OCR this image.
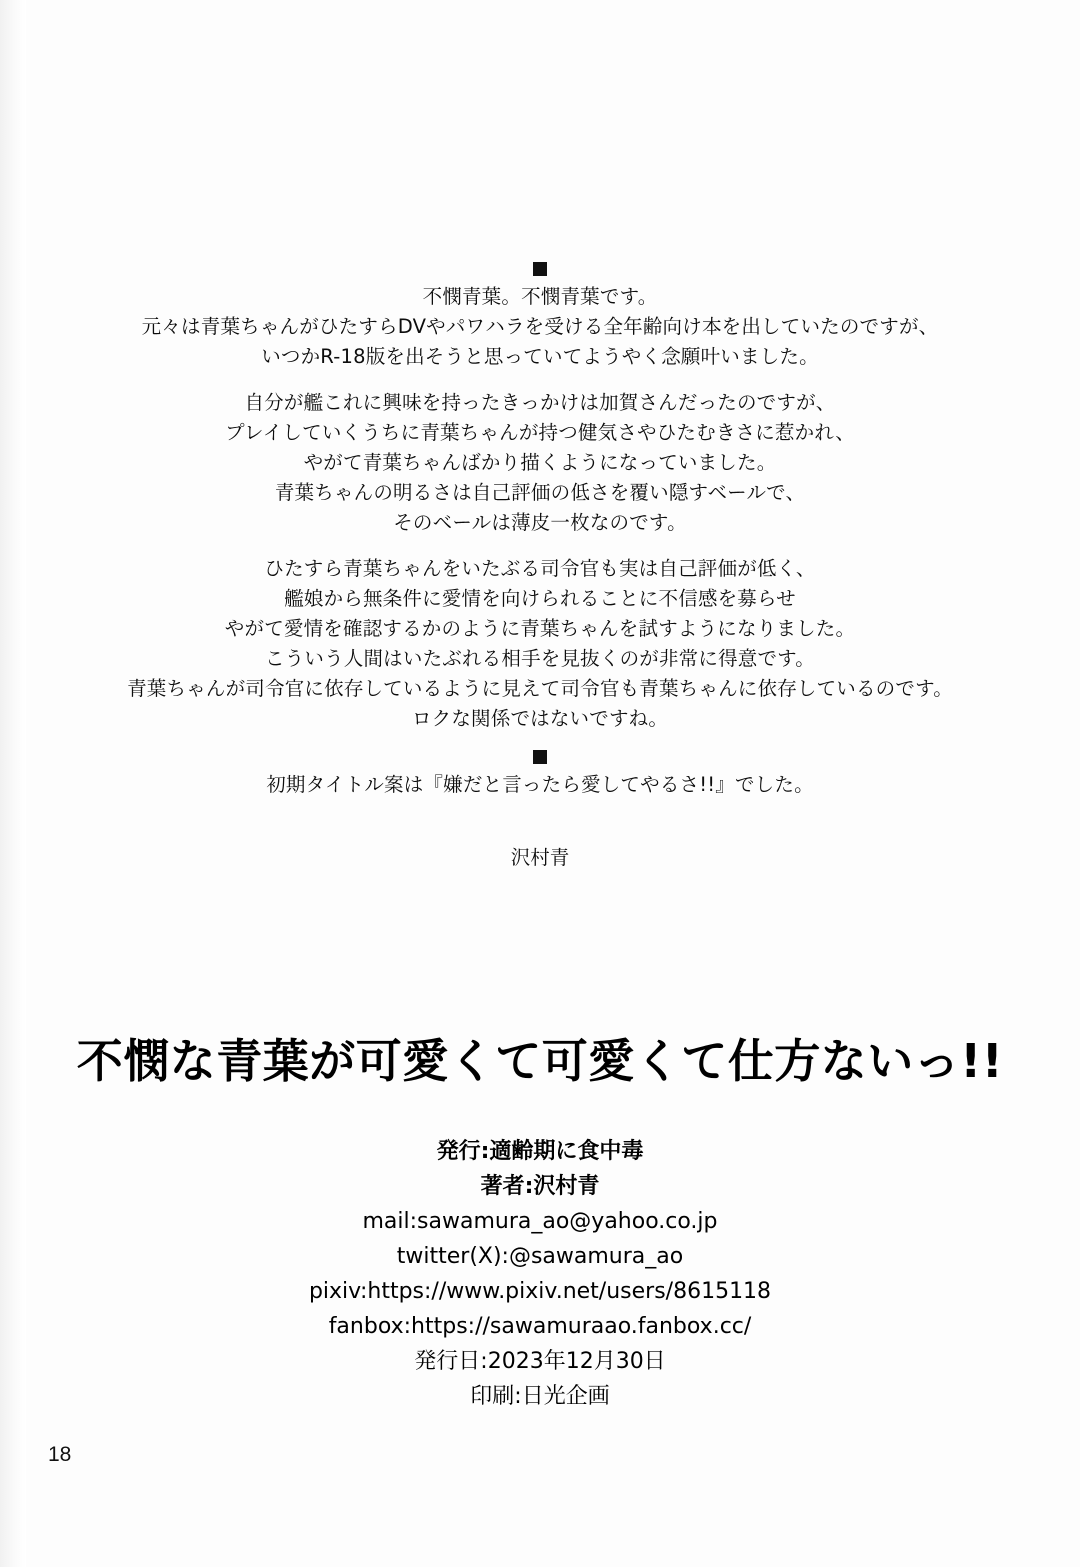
不憫青葉。不憫青葉です。
元々は青葉ちゃんがひたすらDVやパワハラを受ける全年齢向け本を出していたのですが、
いつかR-18版を出そうと思っていてようやく念願叶いました。

自分が艦これに興味を持ったきっかけは加賀さんだったのですが、
プレイしていくうちに青葉ちゃんが持つ健気さやひたむきさに惹かれ、
やがて青葉ちゃんばかり描くようになっていました。
青葉ちゃんの明るさは自己評価の低さを覆い隠すベールで、
そのベールは薄皮一枚なのです。

ひたすら青葉ちゃんをいたぶる司令官も実は自己評価が低く、
艦娘から無条件に愛情を向けられることに不信感を募らせ
やがて愛情を確認するかのように青葉ちゃんを試すようになりました。
こういう人間はいたぶれる相手を見抜くのが非常に得意です。
青葉ちゃんが司令官に依存しているように見えて司令官も青葉ちゃんに依存しているのです。
ロクな関係ではないですね。

初期タイトル案は『嫌だと言ったら愛してやるさ!!』でした。

沢村青
不憫な青葉が可愛くて可愛くて仕方ないっ!!
発行:適齢期に食中毒
著者:沢村青
mail:sawamura_ao@yahoo.co.jp
twitter(X):@sawamura_ao
pixiv:https://www.pixiv.net/users/8615118
fanbox:https://sawamuraao.fanbox.cc/
発行日:2023年12月30日
印刷:日光企画
18
